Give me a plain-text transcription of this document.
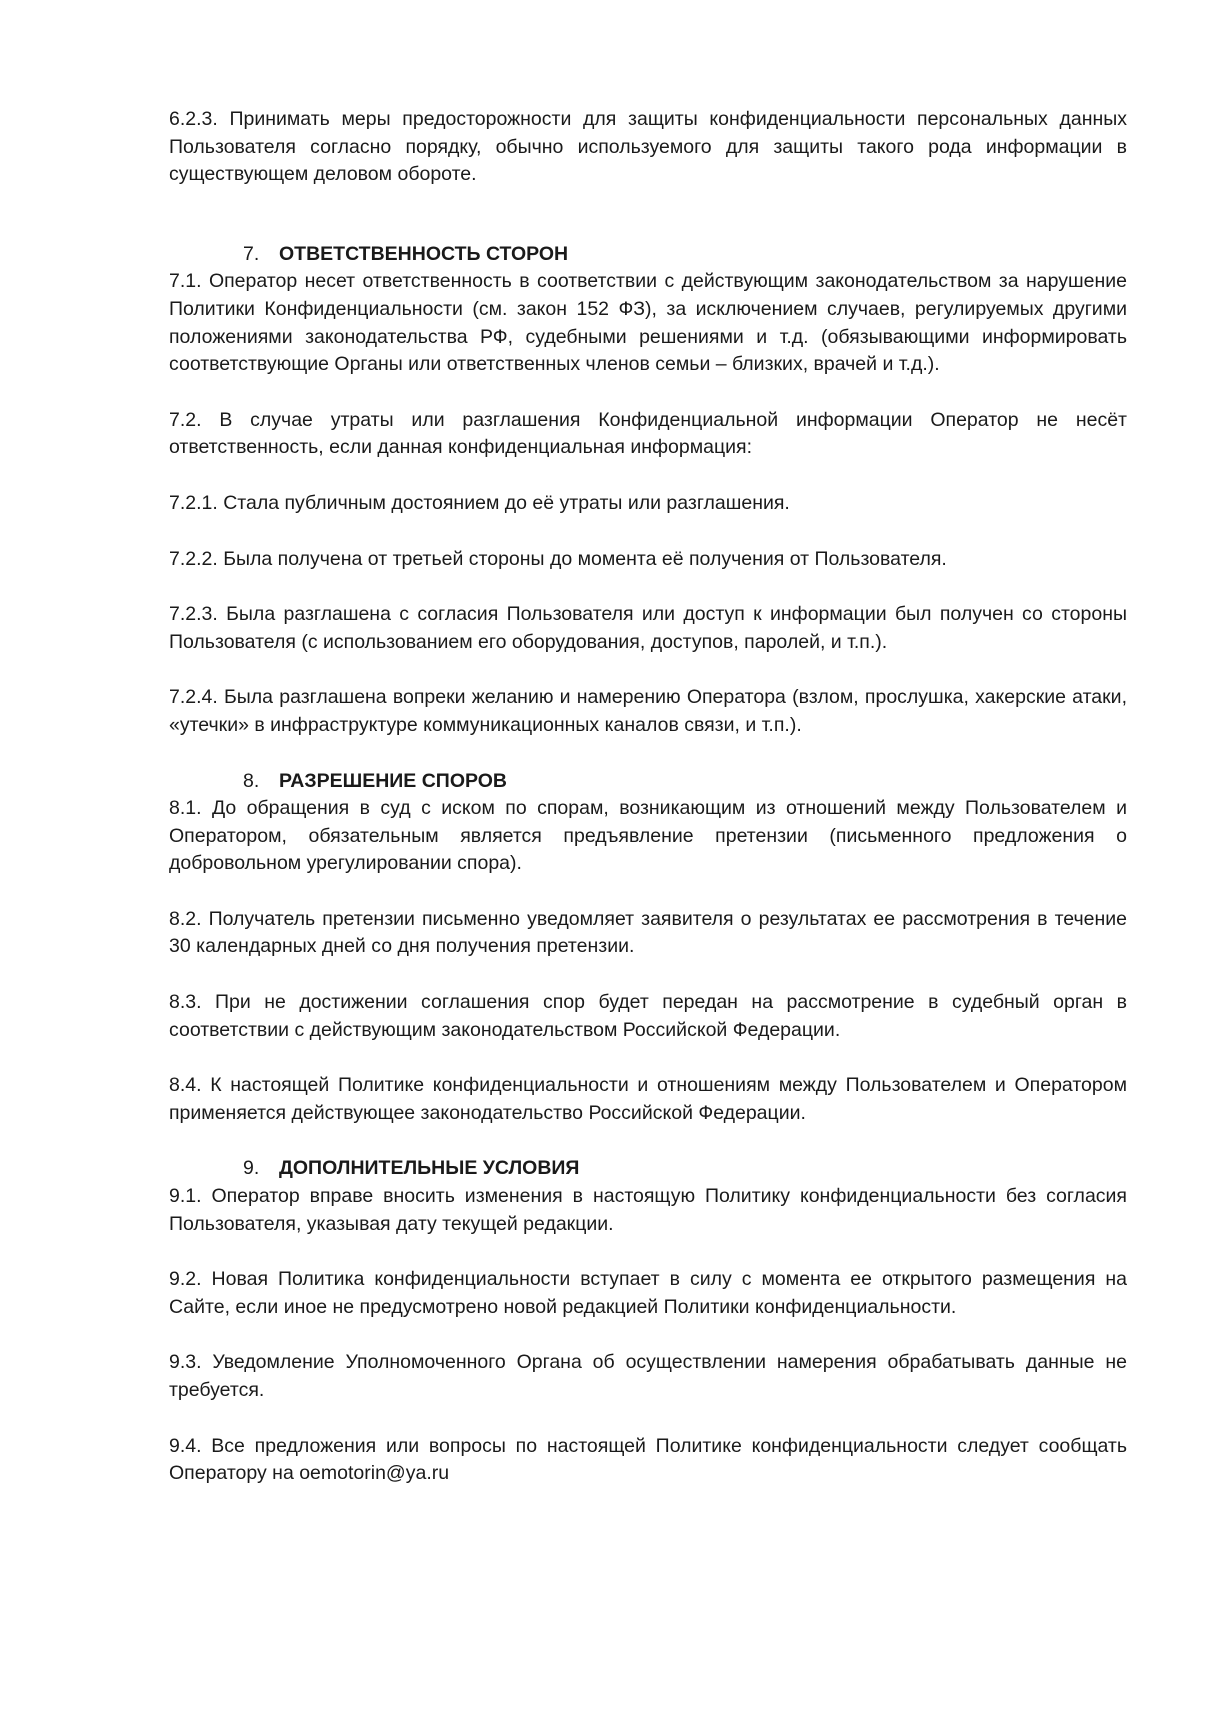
6.2.3. Принимать меры предосторожности для защиты конфиденциальности персональных данных Пользователя согласно порядку, обычно используемого для защиты такого рода информации в существующем деловом обороте.

7.	ОТВЕТСТВЕННОСТЬ СТОРОН

7.1. Оператор несет ответственность в соответствии с действующим законодательством за нарушение Политики Конфиденциальности (см. закон 152 ФЗ), за исключением случаев, регулируемых другими положениями законодательства РФ, судебными решениями и т.д. (обязывающими информировать соответствующие Органы или ответственных членов семьи – близких, врачей и т.д.).

7.2. В случае утраты или разглашения Конфиденциальной информации Оператор не несёт ответственность, если данная конфиденциальная информация:

7.2.1. Стала публичным достоянием до её утраты или разглашения.

7.2.2. Была получена от третьей стороны до момента её получения от Пользователя.

7.2.3. Была разглашена с согласия Пользователя или доступ к информации был получен со стороны Пользователя (с использованием его оборудования, доступов, паролей, и т.п.).

7.2.4. Была разглашена вопреки желанию и намерению Оператора (взлом, прослушка, хакерские атаки, «утечки» в инфраструктуре коммуникационных каналов связи, и т.п.).

8.	РАЗРЕШЕНИЕ СПОРОВ

8.1. До обращения в суд с иском по спорам, возникающим из отношений между Пользователем и Оператором, обязательным является предъявление претензии (письменного предложения о добровольном урегулировании спора).

8.2. Получатель претензии письменно уведомляет заявителя о результатах ее рассмотрения в течение 30 календарных дней со дня получения претензии.

8.3. При не достижении соглашения спор будет передан на рассмотрение в судебный орган в соответствии с действующим законодательством Российской Федерации.

8.4. К настоящей Политике конфиденциальности и отношениям между Пользователем и Оператором применяется действующее законодательство Российской Федерации.

9.	ДОПОЛНИТЕЛЬНЫЕ УСЛОВИЯ

9.1. Оператор вправе вносить изменения в настоящую Политику конфиденциальности без согласия Пользователя, указывая дату текущей редакции.

9.2. Новая Политика конфиденциальности вступает в силу с момента ее открытого размещения на Сайте, если иное не предусмотрено новой редакцией Политики конфиденциальности.

9.3. Уведомление Уполномоченного Органа об осуществлении намерения обрабатывать данные не требуется.

9.4. Все предложения или вопросы по настоящей Политике конфиденциальности следует сообщать Оператору на oemotorin@ya.ru
